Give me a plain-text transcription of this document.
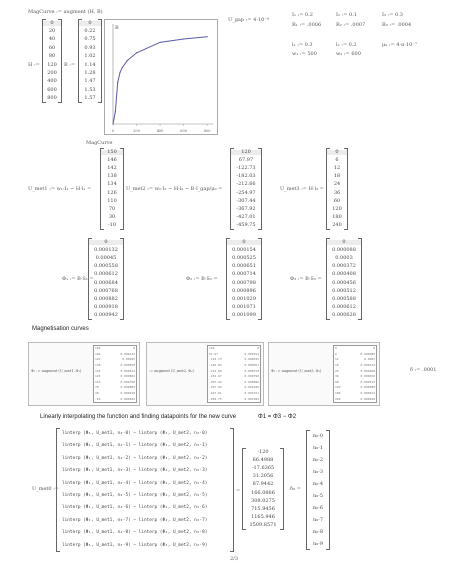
MagCurve := augment (H, B)
H :=
0
20
40
60
80
120
200
400
600
800
B :=
0
0.22
0.75
0.93
1.02
1.14
1.28
1.47
1.53
1.57
B
0	200	400	600	800
MagCurve
U_gap := 4·10⁻⁴
I₁ := 0.2	I₂ := 0.1	I₃ := 0.3
R₁ := .0006	R₂ := .0007	R₃ := .0004
l₁ := 0.3	l₂ := 0.2	μ₀ := 4·π·10⁻⁷
w₁ := 500	w₂ := 600
150
146
142
138
134
126
110
70
30
-10
U_met1 := w₁·I₁ − H·l₁ =	U_met2 := w₂·I₂ − H·l₂ − B·l_gap/μ₀ =
120
67.97
-122.73
-182.03
-212.66
-254.97
-307.44
-367.92
-427.01
-459.75
U_met3 := H·l₃ =
0
6
12
18
24
36
60
120
180
240
Φ₁ := B·S₁ =
0
0.000132
0.00045
0.000558
0.000612
0.000684
0.000768
0.000882
0.000918
0.000942
Φ₂ := B·S₂ =
0
0.000154
0.000525
0.000651
0.000714
0.000798
0.000896
0.001029
0.001071
0.001099
Φ₃ := B·S₃ =
0
0.000088
0.0003
0.000372
0.000408
0.000456
0.000512
0.000588
0.000612
0.000628
Magnetisation curves
Φ₁ := augment (U_met1, Φ₁)
150	0
146	0.000132
142	0.00045
138	0.000558
134	0.000612
126	0.000684
110	0.000768
70	0.000882
30	0.000918
-10	0.000942
:= augment (U_met2, Φ₂)
120	0
67.97	0.000154
-122.73	0.000525
-182.03	0.000651
-212.66	0.000714
-254.97	0.000798
-307.44	0.000896
-367.92	0.001029
-427.01	0.001071
-459.75	0.001099
Φ₃ := augment (U_met3, Φ₃)
0	0
6	0.000088
12	0.0003
18	0.000372
24	0.000408
36	0.000456
60	0.000512
120	0.000588
180	0.000612
240	0.000628
δ := .0001
Linearly interpolating the function and finding datapoints for the new curve	Φ1 = Φ3 − Φ2
U_met0 :=
linterp (Φ₁, U_met1, n₀·0) − linterp (Φ₂, U_met2, n₀·0)
linterp (Φ₁, U_met1, n₀·1) − linterp (Φ₂, U_met2, n₀·1)
linterp (Φ₁, U_met1, n₀·2) − linterp (Φ₂, U_met2, n₀·2)
linterp (Φ₁, U_met1, n₀·3) − linterp (Φ₂, U_met2, n₀·3)
linterp (Φ₁, U_met1, n₀·4) − linterp (Φ₂, U_met2, n₀·4)
linterp (Φ₁, U_met1, n₀·5) − linterp (Φ₂, U_met2, n₀·5)
linterp (Φ₁, U_met1, n₀·6) − linterp (Φ₂, U_met2, n₀·6)
linterp (Φ₁, U_met1, n₀·7) − linterp (Φ₂, U_met2, n₀·7)
linterp (Φ₁, U_met1, n₀·8) − linterp (Φ₂, U_met2, n₀·8)
linterp (Φ₁, U_met1, n₀·9) − linterp (Φ₂, U_met2, n₀·9)
=
-120
66.4988
-17.6365
31.2056
87.9442
166.0866
308.0275
715.9456
1165.946
1509.8571
δ₀ =
n₀·0
n₀·1
n₀·2
n₀·3
n₀·4
n₀·5
n₀·6
n₀·7
n₀·8
n₀·9
2/3
